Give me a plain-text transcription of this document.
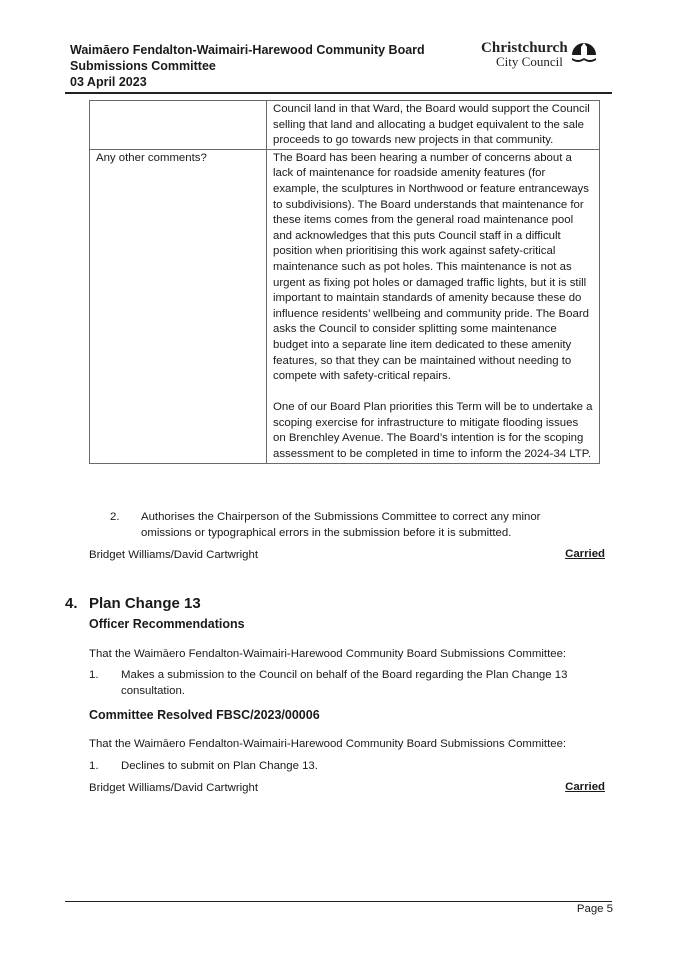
Waimāero Fendalton-Waimairi-Harewood Community Board
Submissions Committee
03 April 2023
Christchurch
City Council

	Council land in that Ward, the Board would support the Council selling that land and allocating a budget equivalent to the sale proceeds to go towards new projects in that community.

Any other comments?	The Board has been hearing a number of concerns about a lack of maintenance for roadside amenity features (for example, the sculptures in Northwood or feature entranceways to subdivisions). The Board understands that maintenance for these items comes from the general road maintenance pool and acknowledges that this puts Council staff in a difficult position when prioritising this work against safety-critical maintenance such as pot holes. This maintenance is not as urgent as fixing pot holes or damaged traffic lights, but it is still important to maintain standards of amenity because these do influence residents’ wellbeing and community pride. The Board asks the Council to consider splitting some maintenance budget into a separate line item dedicated to these amenity features, so that they can be maintained without needing to compete with safety-critical repairs.

One of our Board Plan priorities this Term will be to undertake a scoping exercise for infrastructure to mitigate flooding issues on Brenchley Avenue. The Board’s intention is for the scoping assessment to be completed in time to inform the 2024-34 LTP.

2. Authorises the Chairperson of the Submissions Committee to correct any minor omissions or typographical errors in the submission before it is submitted.
Bridget Williams/David Cartwright	Carried
4. Plan Change 13
Officer Recommendations
That the Waimāero Fendalton-Waimairi-Harewood Community Board Submissions Committee:
1. Makes a submission to the Council on behalf of the Board regarding the Plan Change 13 consultation.
Committee Resolved FBSC/2023/00006
That the Waimāero Fendalton-Waimairi-Harewood Community Board Submissions Committee:
1. Declines to submit on Plan Change 13.
Bridget Williams/David Cartwright	Carried
Page 5
